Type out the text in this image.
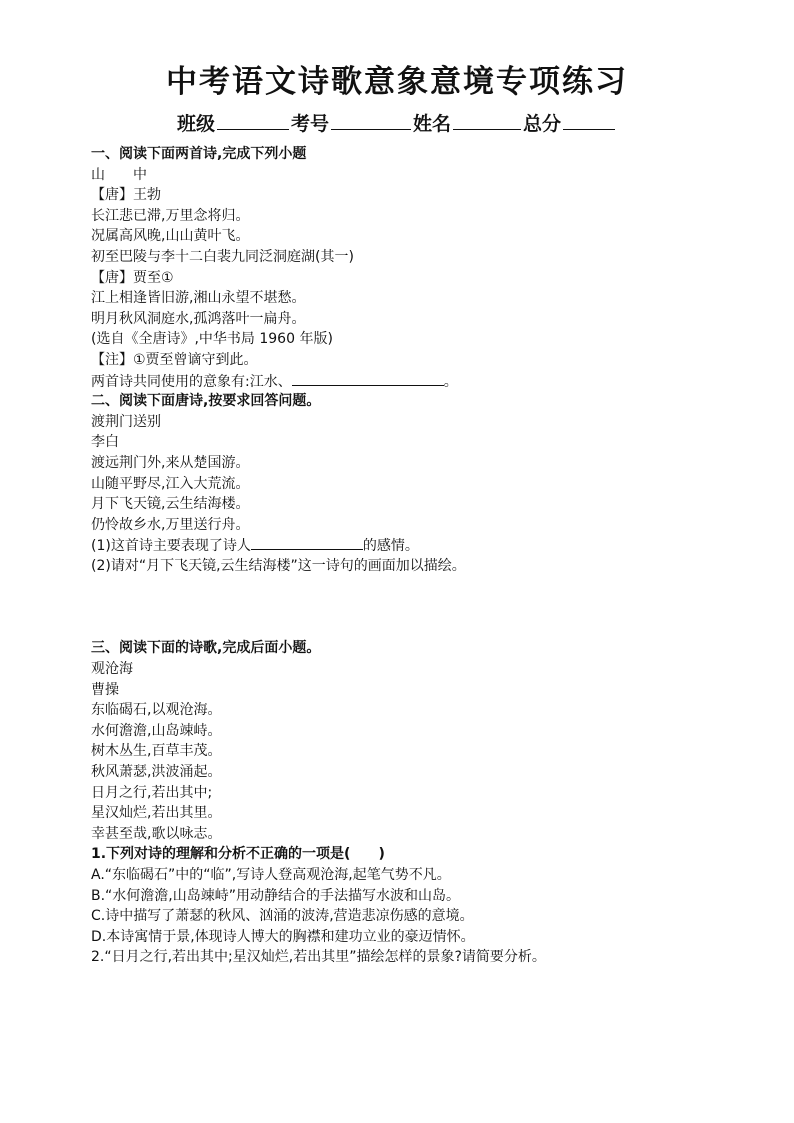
中考语文诗歌意象意境专项练习
班级	考号	姓名	总分
一、阅读下面两首诗,完成下列小题
山　　中
【唐】王勃
长江悲已滞,万里念将归。
况属高风晚,山山黄叶飞。
初至巴陵与李十二白裴九同泛洞庭湖(其一)
【唐】贾至①
江上相逢皆旧游,湘山永望不堪愁。
明月秋风洞庭水,孤鸿落叶一扁舟。
(选自《全唐诗》,中华书局 1960 年版)
【注】①贾至曾谪守到此。
两首诗共同使用的意象有:江水、	。
二、阅读下面唐诗,按要求回答问题。
渡荆门送别
李白
渡远荆门外,来从楚国游。
山随平野尽,江入大荒流。
月下飞天镜,云生结海楼。
仍怜故乡水,万里送行舟。
(1)这首诗主要表现了诗人	的感情。
(2)请对“月下飞天镜,云生结海楼”这一诗句的画面加以描绘。
三、阅读下面的诗歌,完成后面小题。
观沧海
曹操
东临碣石,以观沧海。
水何澹澹,山岛竦峙。
树木丛生,百草丰茂。
秋风萧瑟,洪波涌起。
日月之行,若出其中;
星汉灿烂,若出其里。
幸甚至哉,歌以咏志。
1.下列对诗的理解和分析不正确的一项是(　　)
A.“东临碣石”中的“临”,写诗人登高观沧海,起笔气势不凡。
B.“水何澹澹,山岛竦峙”用动静结合的手法描写水波和山岛。
C.诗中描写了萧瑟的秋风、汹涌的波涛,营造悲凉伤感的意境。
D.本诗寓情于景,体现诗人博大的胸襟和建功立业的豪迈情怀。
2.“日月之行,若出其中;星汉灿烂,若出其里”描绘怎样的景象?请简要分析。
